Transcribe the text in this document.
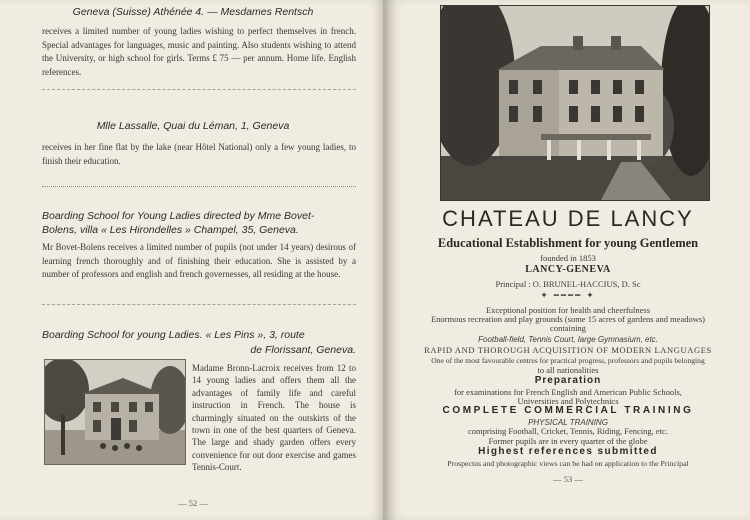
Geneva (Suisse) Athénée 4. — Mesdames Rentsch
receives a limited number of young ladies wishing to perfect themselves in french. Special advantages for languages, music and painting. Also students wishing to attend the University, or high school for girls. Terms £ 75 — per annum. Home life. English references.
Mlle Lassalle, Quai du Léman, 1, Geneva
receives in her fine flat by the lake (near Hôtel National) only a few young ladies, to finish their education.
Boarding School for Young Ladies directed by Mme Bovet-
Bolens, villa « Les Hirondelles » Champel, 35, Geneva.
Mr Bovet-Bolens receives a limited number of pupils (not under 14 years) desirous of learning french thoroughly and of finishing their education. She is assisted by a number of professors and english and french governesses, all residing at the house.
Boarding School for young Ladies. « Les Pins », 3, route
de Florissant, Geneva.
Madame Bronn-Lacroix receives from 12 to 14 young ladies and offers them all the advantages of family life and careful instruction in French. The house is charmingly situated on the outskirts of the town in one of the best quarters of Geneva. The large and shady garden offers every convenience for out door exercise and games Tennis-Court.
— 52 —
CHATEAU DE LANCY
Educational Establishment for young Gentlemen
founded in 1853
LANCY-GENEVA
Principal : O. BRUNEL-HACCIUS, D. Sc
✦ ━━━━ ✦
Exceptional position for health and cheerfulness
Enormous recreation and play grounds (some 15 acres of gardens and meadows)
containing
Football-field, Tennis Court, large Gymnasium, etc.
RAPID AND THOROUGH ACQUISITION OF MODERN LANGUAGES
One of the most favourable centres for practical progress, professors and pupils belonging
to all nationalities
Preparation
for examinations for French English and American Public Schools,
Universities and Polytechnics
COMPLETE COMMERCIAL TRAINING
PHYSICAL TRAINING
comprising Football, Cricket, Tennis, Riding, Fencing, etc.
Former pupils are in every quarter of the globe
Highest references submitted
Prospectus and photographic views can be had on application to the Principal
— 53 —
